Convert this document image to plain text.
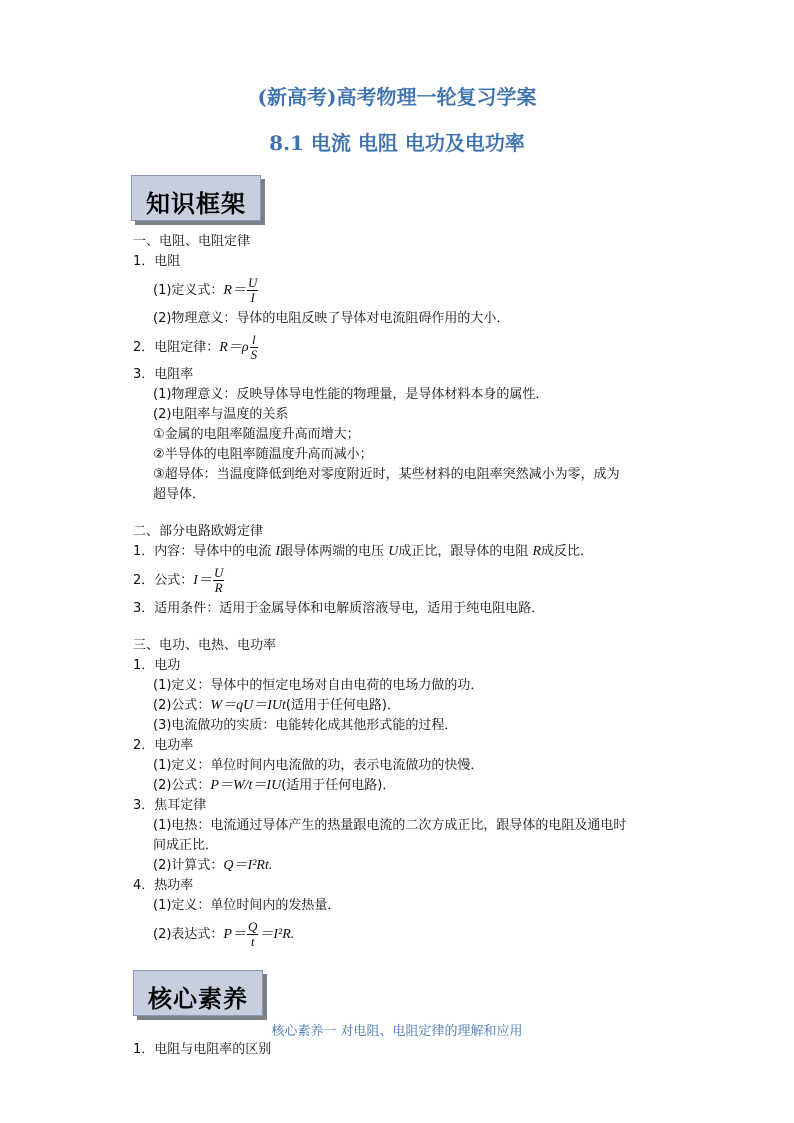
(新高考)高考物理一轮复习学案
8.1 电流 电阻 电功及电功率
知识框架
一、电阻、电阻定律
1．电阻
(1)定义式：$R= \frac{U}{I}$
(2)物理意义：导体的电阻反映了导体对电流阻碍作用的大小．
2．电阻定律：$R=\rho \frac{l}{S}$
3．电阻率
(1)物理意义：反映导体导电性能的物理量，是导体材料本身的属性．
(2)电阻率与温度的关系
①金属的电阻率随温度升高而增大；
②半导体的电阻率随温度升高而减小；
③超导体：当温度降低到绝对零度附近时，某些材料的电阻率突然减小为零，成为
超导体．
二、部分电路欧姆定律
1．内容：导体中的电流 I跟导体两端的电压 U成正比，跟导体的电阻 R成反比．
2．公式：$I= \frac{U}{R}$
3．适用条件：适用于金属导体和电解质溶液导电，适用于纯电阻电路．
三、电功、电热、电功率
1．电功
(1)定义：导体中的恒定电场对自由电荷的电场力做的功．
(2)公式：W＝qU＝IUt(适用于任何电路)．
(3)电流做功的实质：电能转化成其他形式能的过程．
2．电功率
(1)定义：单位时间内电流做的功，表示电流做功的快慢．
(2)公式：P＝W/t＝IU(适用于任何电路)．
3．焦耳定律
(1)电热：电流通过导体产生的热量跟电流的二次方成正比，跟导体的电阻及通电时
间成正比．
(2)计算式：Q＝I²Rt.
4．热功率
(1)定义：单位时间内的发热量．
(2)表达式：$P= \frac{Q}{t} =I^2R$.
核心素养
核心素养一 对电阻、电阻定律的理解和应用
1．电阻与电阻率的区别
